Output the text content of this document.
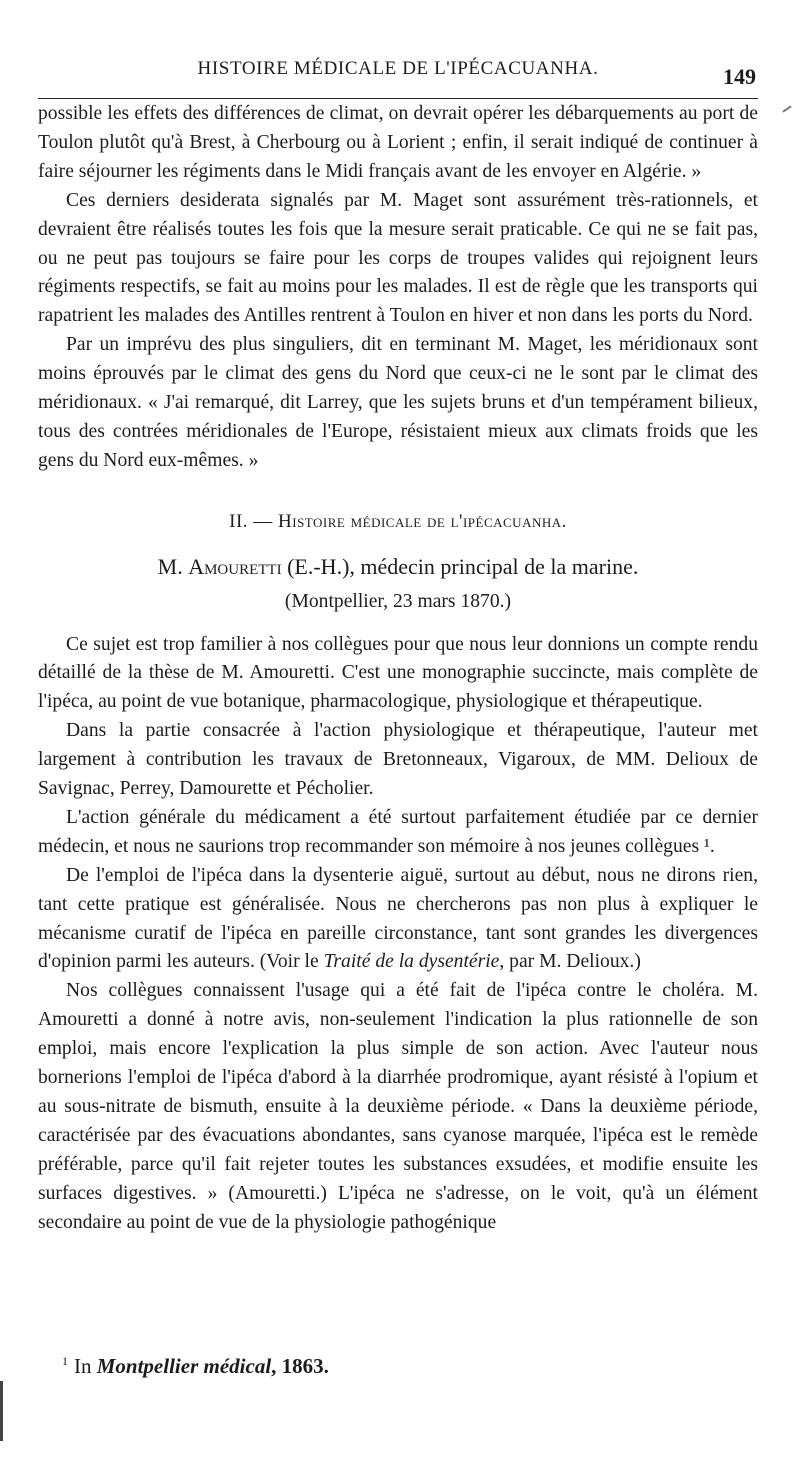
HISTOIRE MÉDICALE DE L'IPÉCACUANHA.	149

possible les effets des différences de climat, on devrait opérer les débarquements au port de Toulon plutôt qu'à Brest, à Cherbourg ou à Lorient ; enfin, il serait indiqué de continuer à faire séjourner les régiments dans le Midi français avant de les envoyer en Algérie. »

Ces derniers desiderata signalés par M. Maget sont assurément très-rationnels, et devraient être réalisés toutes les fois que la mesure serait praticable. Ce qui ne se fait pas, ou ne peut pas toujours se faire pour les corps de troupes valides qui rejoignent leurs régiments respectifs, se fait au moins pour les malades. Il est de règle que les transports qui rapatrient les malades des Antilles rentrent à Toulon en hiver et non dans les ports du Nord.

Par un imprévu des plus singuliers, dit en terminant M. Maget, les méridionaux sont moins éprouvés par le climat des gens du Nord que ceux-ci ne le sont par le climat des méridionaux. « J'ai remarqué, dit Larrey, que les sujets bruns et d'un tempérament bilieux, tous des contrées méridionales de l'Europe, résistaient mieux aux climats froids que les gens du Nord eux-mêmes. »

II. — Histoire médicale de l'ipécacuanha.
M. Amouretti (E.-H.), médecin principal de la marine.
(Montpellier, 23 mars 1870.)

Ce sujet est trop familier à nos collègues pour que nous leur donnions un compte rendu détaillé de la thèse de M. Amouretti. C'est une monographie succincte, mais complète de l'ipéca, au point de vue botanique, pharmacologique, physiologique et thérapeutique.

Dans la partie consacrée à l'action physiologique et thérapeutique, l'auteur met largement à contribution les travaux de Bretonneaux, Vigaroux, de MM. Delioux de Savignac, Perrey, Damourette et Pécholier.

L'action générale du médicament a été surtout parfaitement étudiée par ce dernier médecin, et nous ne saurions trop recommander son mémoire à nos jeunes collègues ¹.

De l'emploi de l'ipéca dans la dysenterie aiguë, surtout au début, nous ne dirons rien, tant cette pratique est généralisée. Nous ne chercherons pas non plus à expliquer le mécanisme curatif de l'ipéca en pareille circonstance, tant sont grandes les divergences d'opinion parmi les auteurs. (Voir le Traité de la dysentérie, par M. Delioux.)

Nos collègues connaissent l'usage qui a été fait de l'ipéca contre le choléra. M. Amouretti a donné à notre avis, non-seulement l'indication la plus rationnelle de son emploi, mais encore l'explication la plus simple de son action. Avec l'auteur nous bornerions l'emploi de l'ipéca d'abord à la diarrhée prodromique, ayant résisté à l'opium et au sous-nitrate de bismuth, ensuite à la deuxième période. « Dans la deuxième période, caractérisée par des évacuations abondantes, sans cyanose marquée, l'ipéca est le remède préférable, parce qu'il fait rejeter toutes les substances exsudées, et modifie ensuite les surfaces digestives. » (Amouretti.) L'ipéca ne s'adresse, on le voit, qu'à un élément secondaire au point de vue de la physiologie pathogénique

$^1$ In Montpellier médical, 1863.
